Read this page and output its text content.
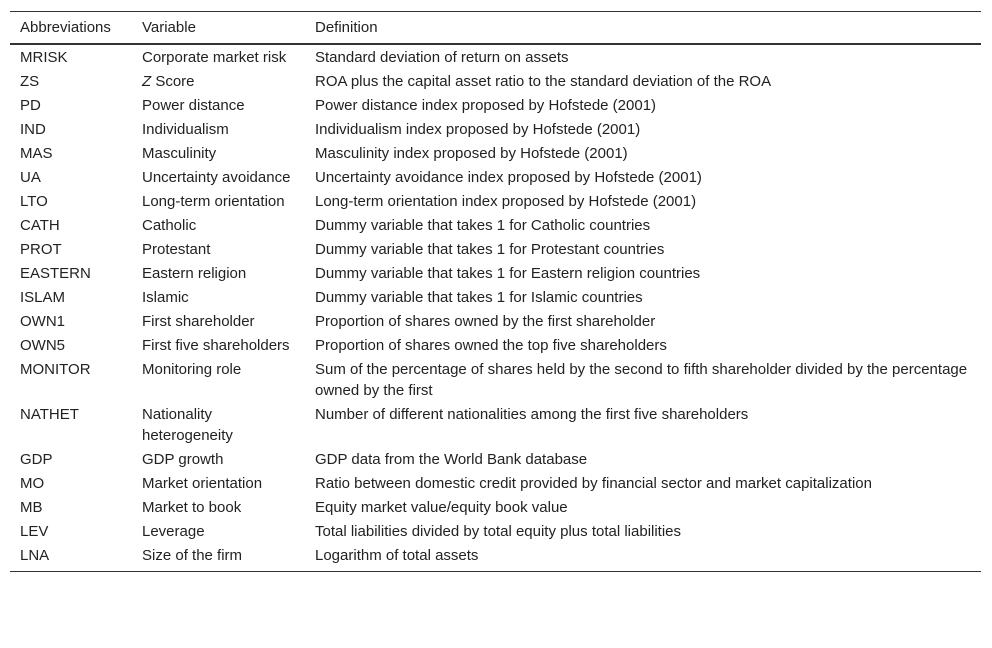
Abbreviations	Variable	Definition
MRISK	Corporate market risk	Standard deviation of return on assets
ZS	Z Score	ROA plus the capital asset ratio to the standard deviation of the ROA
PD	Power distance	Power distance index proposed by Hofstede (2001)
IND	Individualism	Individualism index proposed by Hofstede (2001)
MAS	Masculinity	Masculinity index proposed by Hofstede (2001)
UA	Uncertainty avoidance	Uncertainty avoidance index proposed by Hofstede (2001)
LTO	Long-term orientation	Long-term orientation index proposed by Hofstede (2001)
CATH	Catholic	Dummy variable that takes 1 for Catholic countries
PROT	Protestant	Dummy variable that takes 1 for Protestant countries
EASTERN	Eastern religion	Dummy variable that takes 1 for Eastern religion countries
ISLAM	Islamic	Dummy variable that takes 1 for Islamic countries
OWN1	First shareholder	Proportion of shares owned by the first shareholder
OWN5	First five shareholders	Proportion of shares owned the top five shareholders
MONITOR	Monitoring role	Sum of the percentage of shares held by the second to fifth shareholder divided by the percentage owned by the first
NATHET	Nationality heterogeneity	Number of different nationalities among the first five shareholders
GDP	GDP growth	GDP data from the World Bank database
MO	Market orientation	Ratio between domestic credit provided by financial sector and market capitalization
MB	Market to book	Equity market value/equity book value
LEV	Leverage	Total liabilities divided by total equity plus total liabilities
LNA	Size of the firm	Logarithm of total assets
